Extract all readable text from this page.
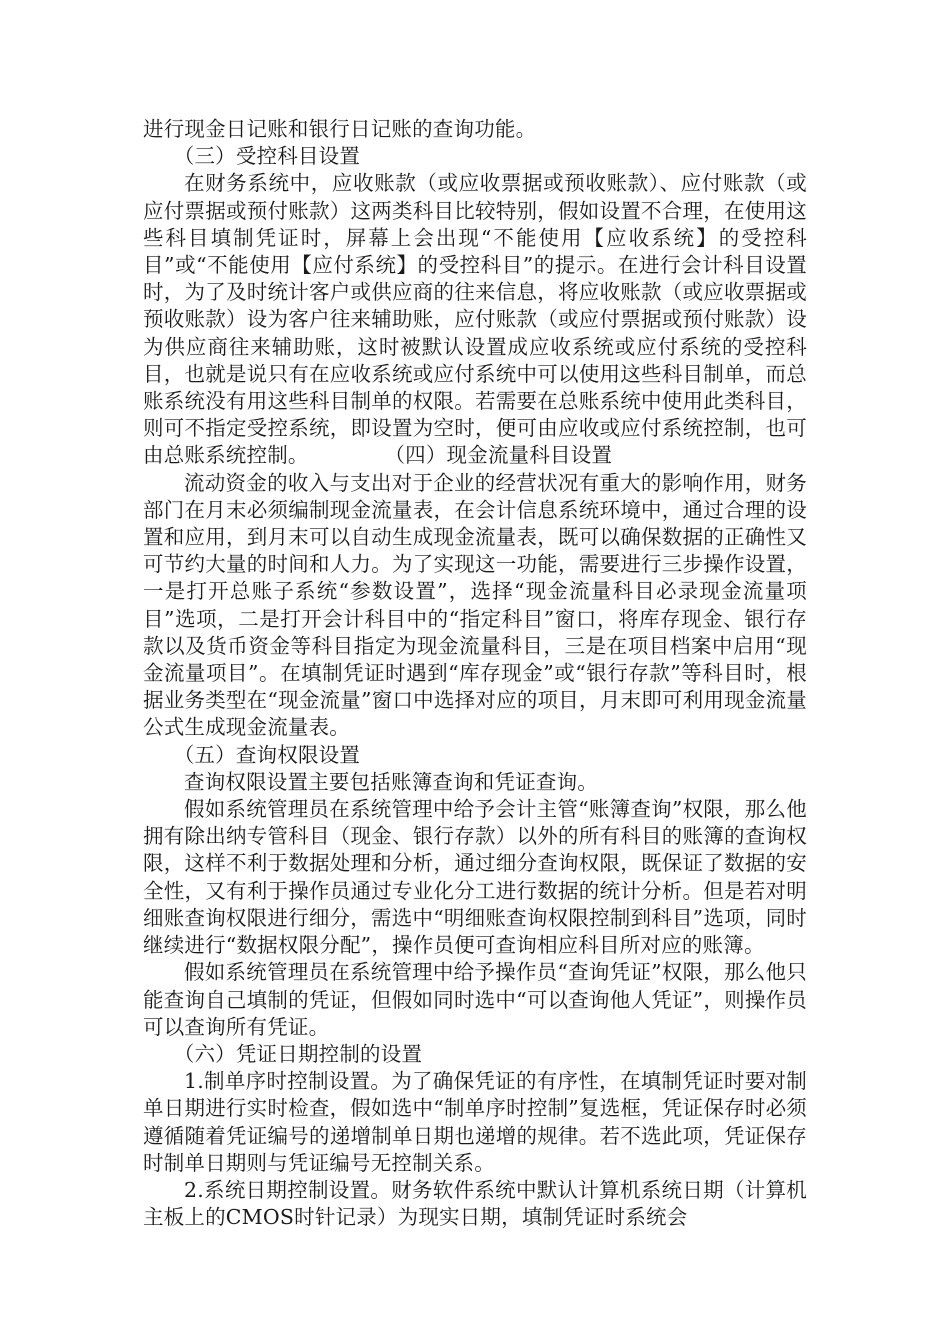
进行现金日记账和银行日记账的查询功能。

（三）受控科目设置

在财务系统中，应收账款（或应收票据或预收账款）、应付账款（或应付票据或预付账款）这两类科目比较特别，假如设置不合理，在使用这些科目填制凭证时，屏幕上会出现“不能使用【应收系统】的受控科目”或“不能使用【应付系统】的受控科目”的提示。在进行会计科目设置时，为了及时统计客户或供应商的往来信息，将应收账款（或应收票据或预收账款）设为客户往来辅助账，应付账款（或应付票据或预付账款）设为供应商往来辅助账，这时被默认设置成应收系统或应付系统的受控科目，也就是说只有在应收系统或应付系统中可以使用这些科目制单，而总账系统没有用这些科目制单的权限。若需要在总账系统中使用此类科目，则可不指定受控系统，即设置为空时，便可由应收或应付系统控制，也可由总账系统控制。	（四）现金流量科目设置

流动资金的收入与支出对于企业的经营状况有重大的影响作用，财务部门在月末必须编制现金流量表，在会计信息系统环境中，通过合理的设置和应用，到月末可以自动生成现金流量表，既可以确保数据的正确性又可节约大量的时间和人力。为了实现这一功能，需要进行三步操作设置，一是打开总账子系统“参数设置”，选择“现金流量科目必录现金流量项目”选项，二是打开会计科目中的“指定科目”窗口，将库存现金、银行存款以及货币资金等科目指定为现金流量科目，三是在项目档案中启用“现金流量项目”。在填制凭证时遇到“库存现金”或“银行存款”等科目时，根据业务类型在“现金流量”窗口中选择对应的项目，月末即可利用现金流量公式生成现金流量表。

（五）查询权限设置

查询权限设置主要包括账簿查询和凭证查询。

假如系统管理员在系统管理中给予会计主管“账簿查询”权限，那么他拥有除出纳专管科目（现金、银行存款）以外的所有科目的账簿的查询权限，这样不利于数据处理和分析，通过细分查询权限，既保证了数据的安全性，又有利于操作员通过专业化分工进行数据的统计分析。但是若对明细账查询权限进行细分，需选中“明细账查询权限控制到科目”选项，同时继续进行“数据权限分配”，操作员便可查询相应科目所对应的账簿。

假如系统管理员在系统管理中给予操作员“查询凭证”权限，那么他只能查询自己填制的凭证，但假如同时选中“可以查询他人凭证”，则操作员可以查询所有凭证。

（六）凭证日期控制的设置

1.制单序时控制设置。为了确保凭证的有序性，在填制凭证时要对制单日期进行实时检查，假如选中“制单序时控制”复选框，凭证保存时必须遵循随着凭证编号的递增制单日期也递增的规律。若不选此项，凭证保存时制单日期则与凭证编号无控制关系。

2.系统日期控制设置。财务软件系统中默认计算机系统日期（计算机主板上的CMOS时针记录）为现实日期，填制凭证时系统会
